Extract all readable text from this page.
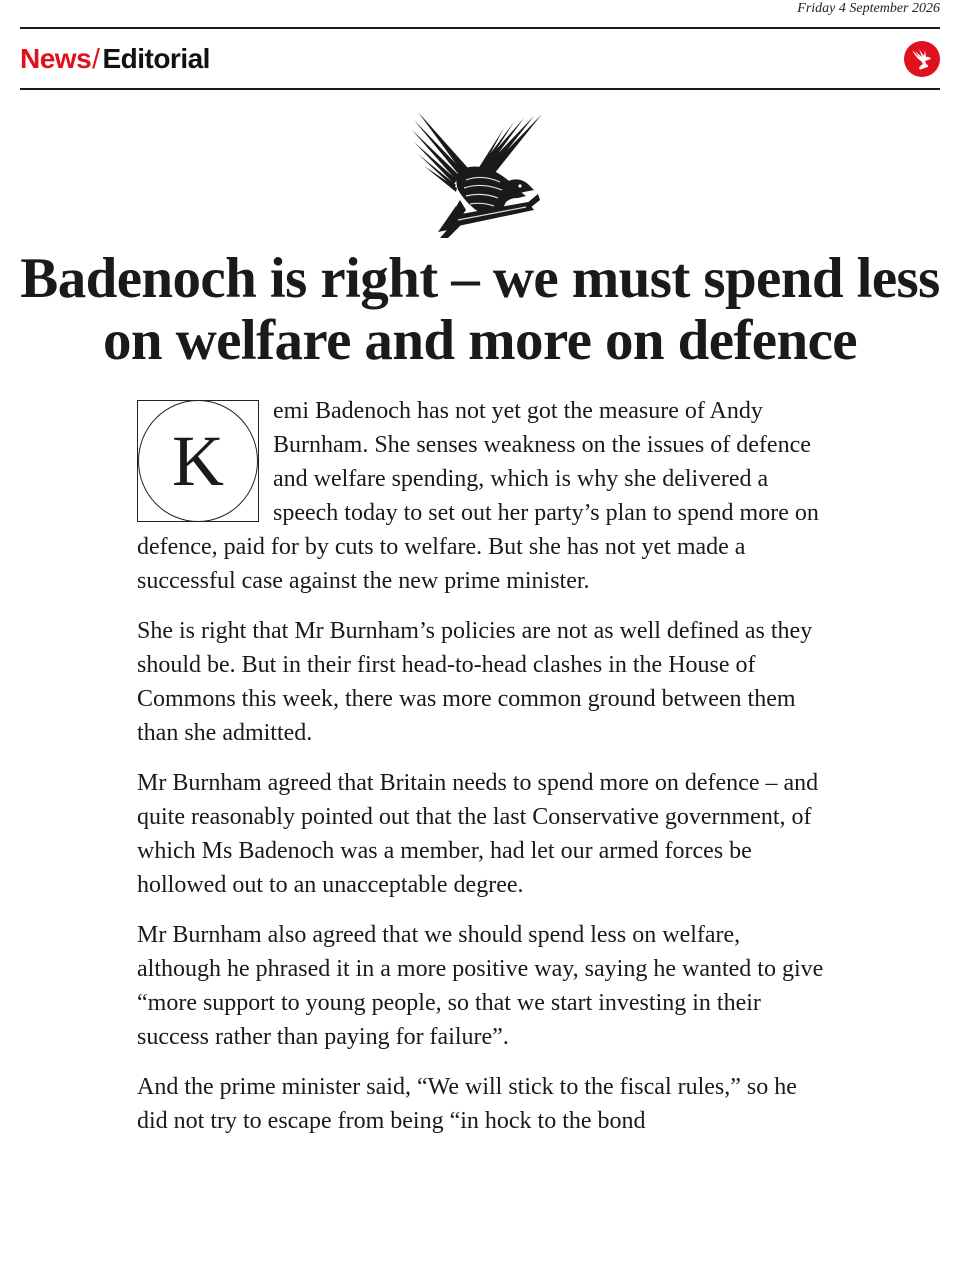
Friday 4 September 2026
News/ Editorial
Badenoch is right – we must spend less on welfare and more on defence

K
emi Badenoch has not yet got the measure of Andy Burnham. She senses weakness on the issues of defence and welfare spending, which is why she delivered a speech today to set out her party’s plan to spend more on defence, paid for by cuts to welfare. But she has not yet made a successful case against the new prime minister.

She is right that Mr Burnham’s policies are not as well defined as they should be. But in their first head-to-head clashes in the House of Commons this week, there was more common ground between them than she admitted.

Mr Burnham agreed that Britain needs to spend more on defence – and quite reasonably pointed out that the last Conservative government, of which Ms Badenoch was a member, had let our armed forces be hollowed out to an unacceptable degree.

Mr Burnham also agreed that we should spend less on welfare, although he phrased it in a more positive way, saying he wanted to give “more support to young people, so that we start investing in their success rather than paying for failure”.

And the prime minister said, “We will stick to the fiscal rules,” so he did not try to escape from being “in hock to the bond
